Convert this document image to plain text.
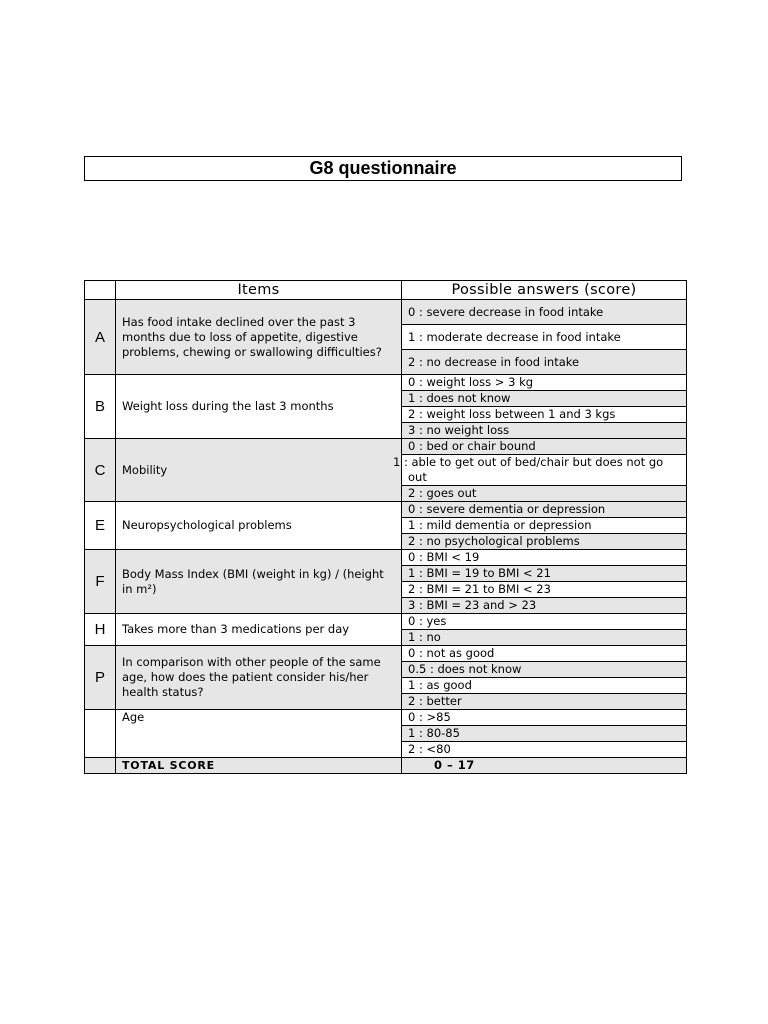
G8 questionnaire
	Items	Possible answers (score)
A	Has food intake declined over the past 3 months due to loss of appetite, digestive problems, chewing or swallowing difficulties?	0 : severe decrease in food intake
		1 : moderate decrease in food intake
		2 : no decrease in food intake
B	Weight loss during the last 3 months	0 : weight loss > 3 kg
		1 : does not know
		2 : weight loss between 1 and 3 kgs
		3 : no weight loss
C	Mobility	0 : bed or chair bound
		1 : able to get out of bed/chair but does not go out
		2 : goes out
E	Neuropsychological problems	0 : severe dementia or depression
		1 : mild dementia or depression
		2 : no psychological problems
F	Body Mass Index (BMI (weight in kg) / (height in m²)	0 : BMI < 19
		1 : BMI = 19 to BMI < 21
		2 : BMI = 21 to BMI < 23
		3 : BMI = 23 and > 23
H	Takes more than 3 medications per day	0 : yes
		1 : no
P	In comparison with other people of the same age, how does the patient consider his/her health status?	0 : not as good
		0.5 : does not know
		1 : as good
		2 : better
	Age	0 : >85
		1 : 80-85
		2 : <80
	TOTAL SCORE	0 – 17
